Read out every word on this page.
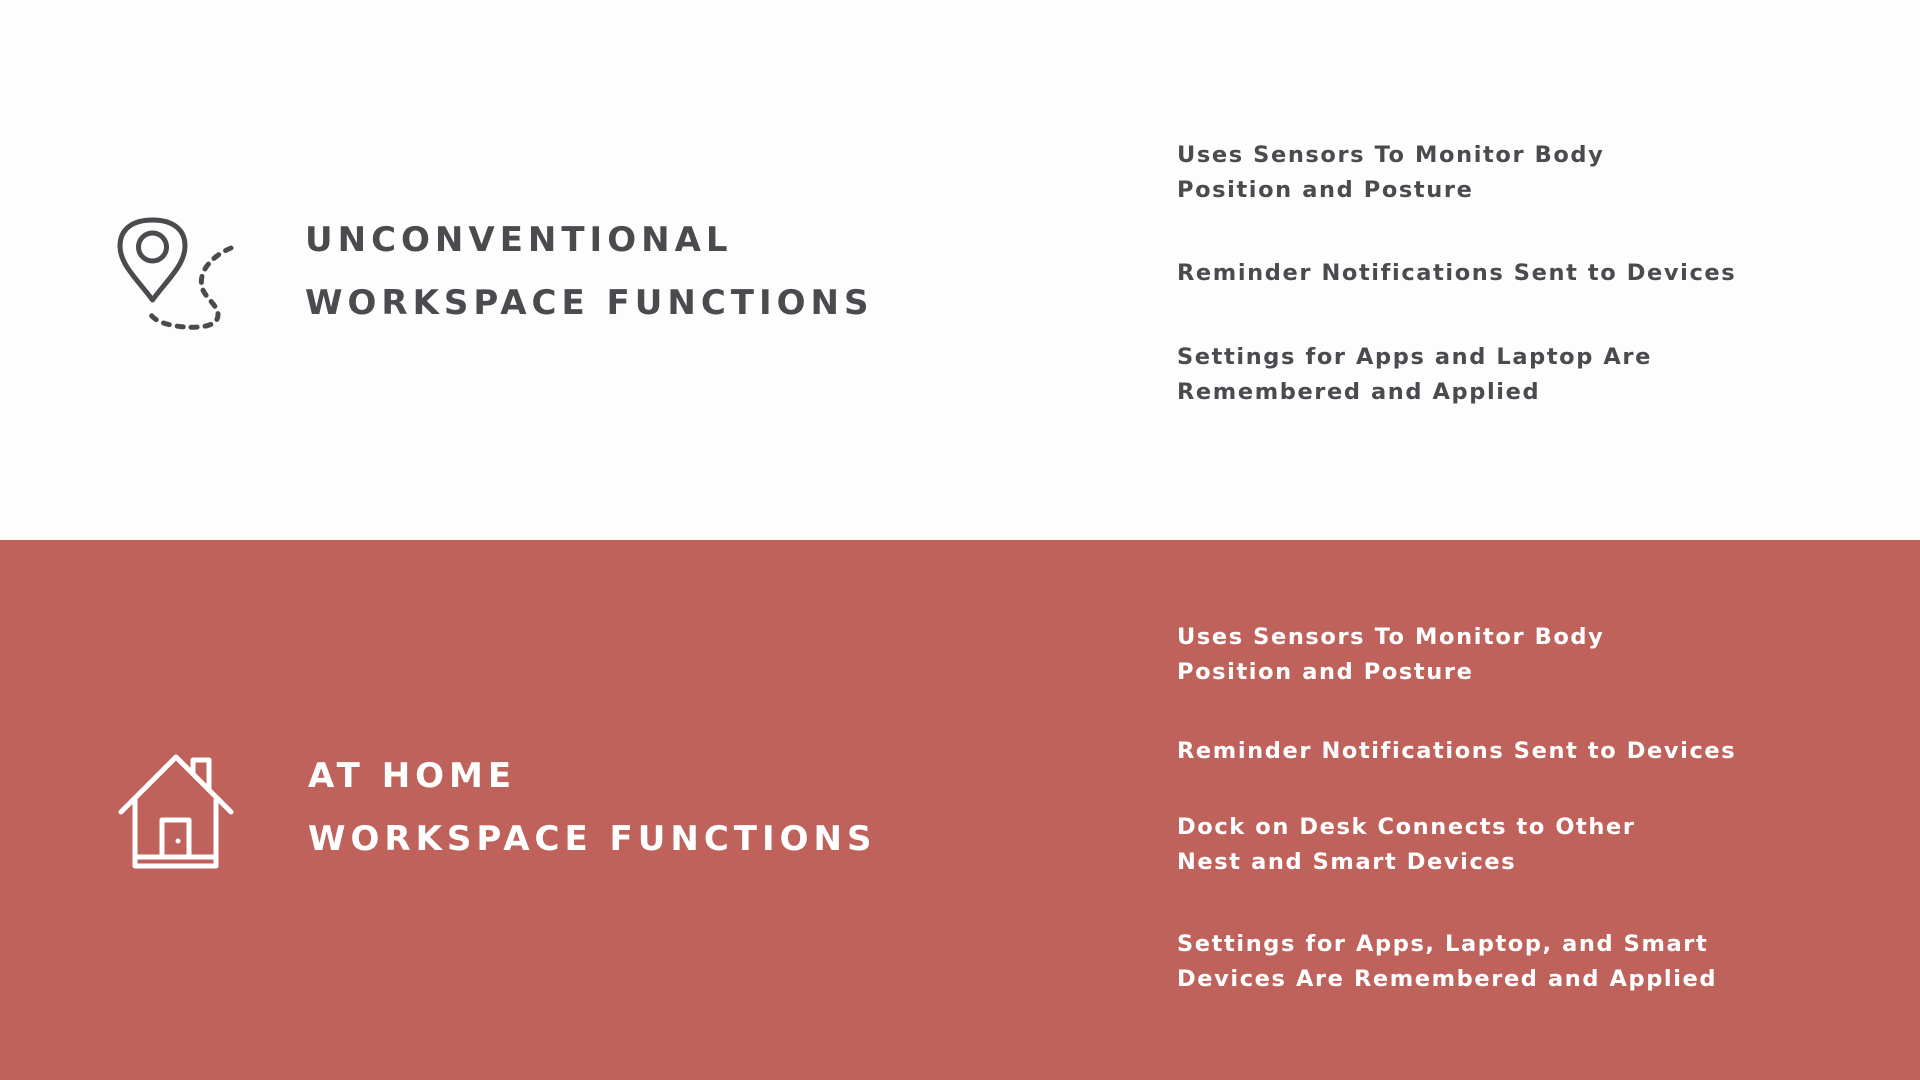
UNCONVENTIONAL
WORKSPACE FUNCTIONS
Uses Sensors To Monitor Body
Position and Posture
Reminder Notifications Sent to Devices
Settings for Apps and Laptop Are
Remembered and Applied
AT HOME
WORKSPACE FUNCTIONS
Uses Sensors To Monitor Body
Position and Posture
Reminder Notifications Sent to Devices
Dock on Desk Connects to Other
Nest and Smart Devices
Settings for Apps, Laptop, and Smart
Devices Are Remembered and Applied
